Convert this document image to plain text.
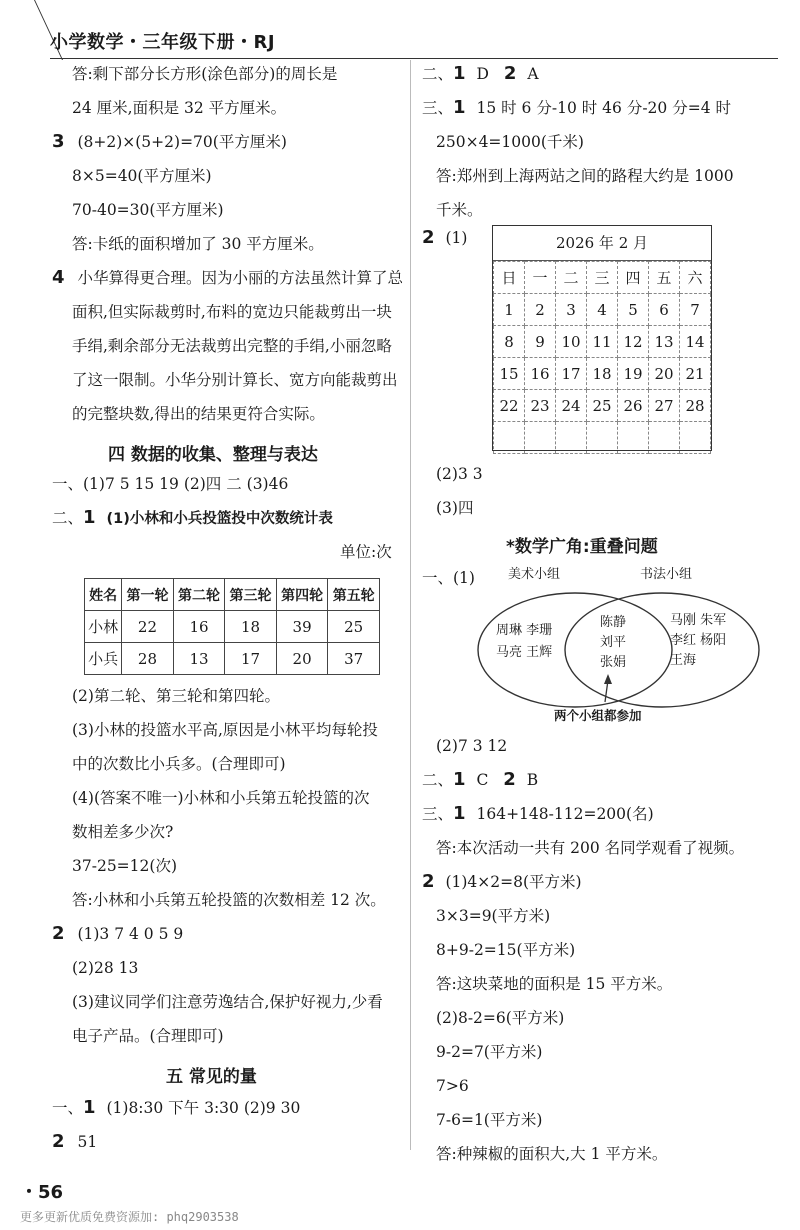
小学数学・三年级下册・RJ
答:剩下部分长方形(涂色部分)的周长是
24 厘米,面积是 32 平方厘米。
3 (8+2)×(5+2)=70(平方厘米)
8×5=40(平方厘米)
70-40=30(平方厘米)
答:卡纸的面积增加了 30 平方厘米。
4 小华算得更合理。因为小丽的方法虽然计算了总
面积,但实际裁剪时,布料的宽边只能裁剪出一块
手绢,剩余部分无法裁剪出完整的手绢,小丽忽略
了这一限制。小华分别计算长、宽方向能裁剪出
的完整块数,得出的结果更符合实际。
四 数据的收集、整理与表达
一、(1)7 5 15 19 (2)四 二 (3)46
二、1 (1)小林和小兵投篮投中次数统计表
单位:次
姓名	第一轮	第二轮	第三轮	第四轮	第五轮
小林	22	16	18	39	25
小兵	28	13	17	20	37
(2)第二轮、第三轮和第四轮。
(3)小林的投篮水平高,原因是小林平均每轮投
中的次数比小兵多。(合理即可)
(4)(答案不唯一)小林和小兵第五轮投篮的次
数相差多少次?
37-25=12(次)
答:小林和小兵第五轮投篮的次数相差 12 次。
2 (1)3 7 4 0 5 9
(2)28 13
(3)建议同学们注意劳逸结合,保护好视力,少看
电子产品。(合理即可)
五 常见的量
一、1 (1)8:30 下午 3:30 (2)9 30
2 51
二、1 D 2 A
三、1 15 时 6 分-10 时 46 分-20 分=4 时
250×4=1000(千米)
答:郑州到上海两站之间的路程大约是 1000
千米。
2 (1)	2026 年 2 月
日	一	二	三	四	五	六
1	2	3	4	5	6	7
8	9	10	11	12	13	14
15	16	17	18	19	20	21
22	23	24	25	26	27	28

(2)3 3
(3)四
*数学广角:重叠问题
一、(1)	美术小组	书法小组
周琳 李珊
马亮 王辉
陈静
刘平
张娟
马刚 朱军
李红 杨阳
王海
两个小组都参加
(2)7 3 12
二、1 C 2 B
三、1 164+148-112=200(名)
答:本次活动一共有 200 名同学观看了视频。
2 (1)4×2=8(平方米)
3×3=9(平方米)
8+9-2=15(平方米)
答:这块菜地的面积是 15 平方米。
(2)8-2=6(平方米)
9-2=7(平方米)
7>6
7-6=1(平方米)
答:种辣椒的面积大,大 1 平方米。
・56
更多更新优质免费资源加: phq2903538
